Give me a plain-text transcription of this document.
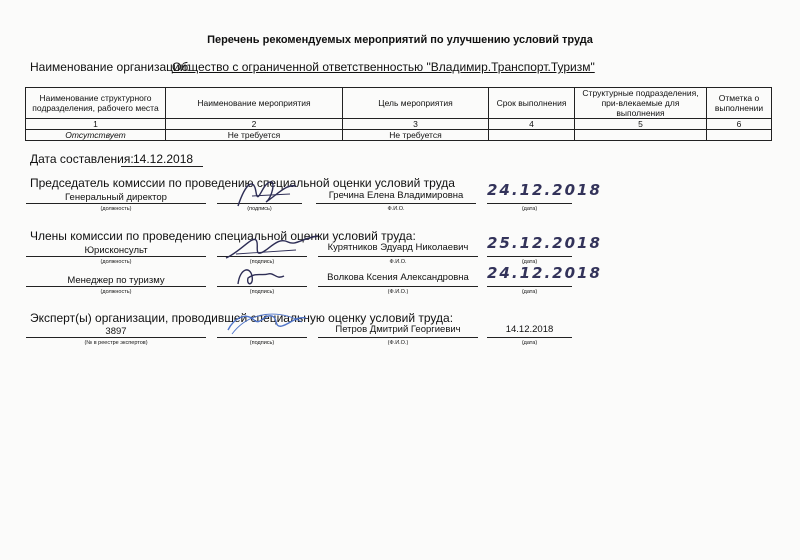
Перечень рекомендуемых мероприятий по улучшению условий труда
Наименование организации:
Общество с ограниченной ответственностью "Владимир.Транспорт.Туризм"
Наименование структурного подразделения, рабочего места	Наименование мероприятия	Цель мероприятия	Срок выполнения	Структурные подразделения, при-влекаемые для выполнения	Отметка о выполнении
1	2	3	4	5	6
Отсутствует	Не требуется	Не требуется			
Дата составления: 14.12.2018
Председатель комиссии по проведению специальной оценки условий труда
Генеральный директор
(должность)	(подпись)
Гречина Елена Владимировна
Ф.И.О.
24.12.2018
(дата)
Члены комиссии по проведению специальной оценки условий труда:
Юрисконсульт
(должность)	(подпись)
Курятников Эдуард Николаевич
Ф.И.О.
25.12.2018
(дата)
Менеджер по туризму
(должность)	(подпись)
Волкова Ксения Александровна
(Ф.И.О.)
24.12.2018
(дата)
Эксперт(ы) организации, проводившей специальную оценку условий труда:
3897
(№ в реестре экспертов)	(подпись)
Петров Дмитрий Георгиевич
(Ф.И.О.)
14.12.2018
(дата)
